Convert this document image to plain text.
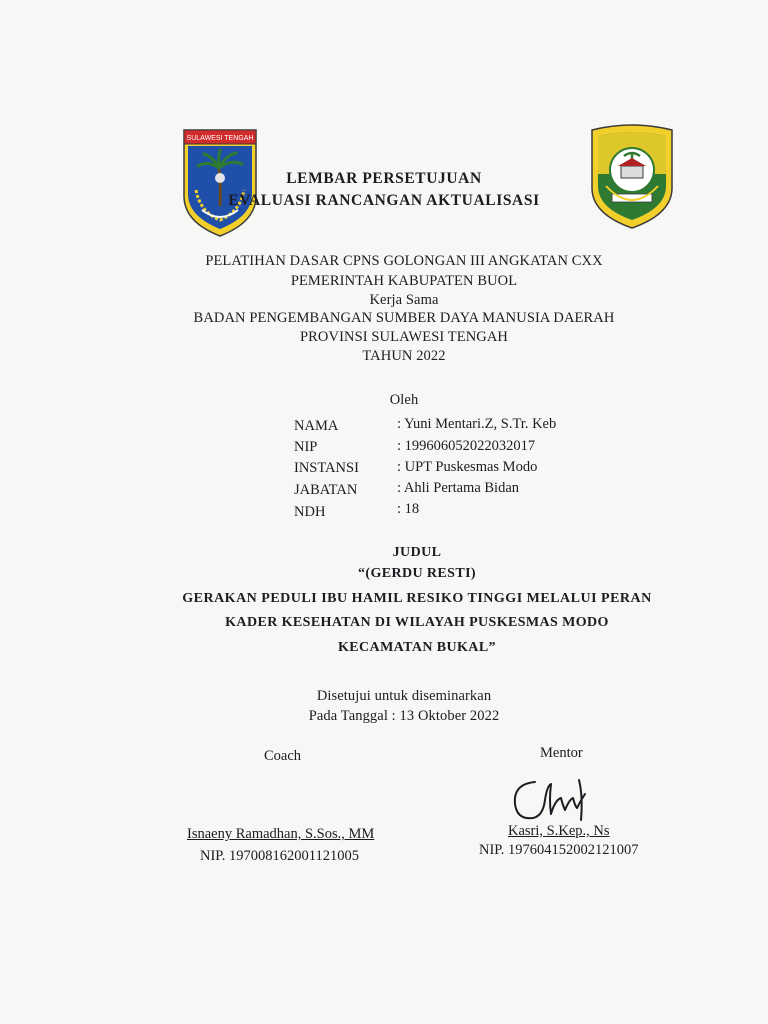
SULAWESI TENGAH
LEMBAR PERSETUJUAN
EVALUASI RANCANGAN AKTUALISASI
PELATIHAN DASAR CPNS GOLONGAN III ANGKATAN CXX
PEMERINTAH KABUPATEN BUOL
Kerja Sama
BADAN PENGEMBANGAN SUMBER DAYA MANUSIA DAERAH
PROVINSI SULAWESI TENGAH
TAHUN 2022
Oleh
NAMA	: Yuni Mentari.Z, S.Tr. Keb
NIP	: 199606052022032017
INSTANSI	: UPT Puskesmas Modo
JABATAN	: Ahli Pertama Bidan
NDH	: 18
JUDUL
“(GERDU RESTI)
GERAKAN PEDULI IBU HAMIL RESIKO TINGGI MELALUI PERAN
KADER KESEHATAN DI WILAYAH PUSKESMAS MODO
KECAMATAN BUKAL”
Disetujui untuk diseminarkan
Pada Tanggal : 13 Oktober 2022
Coach
Isnaeny Ramadhan, S.Sos., MM
NIP. 197008162001121005
Mentor
Kasri, S.Kep., Ns
NIP. 197604152002121007
